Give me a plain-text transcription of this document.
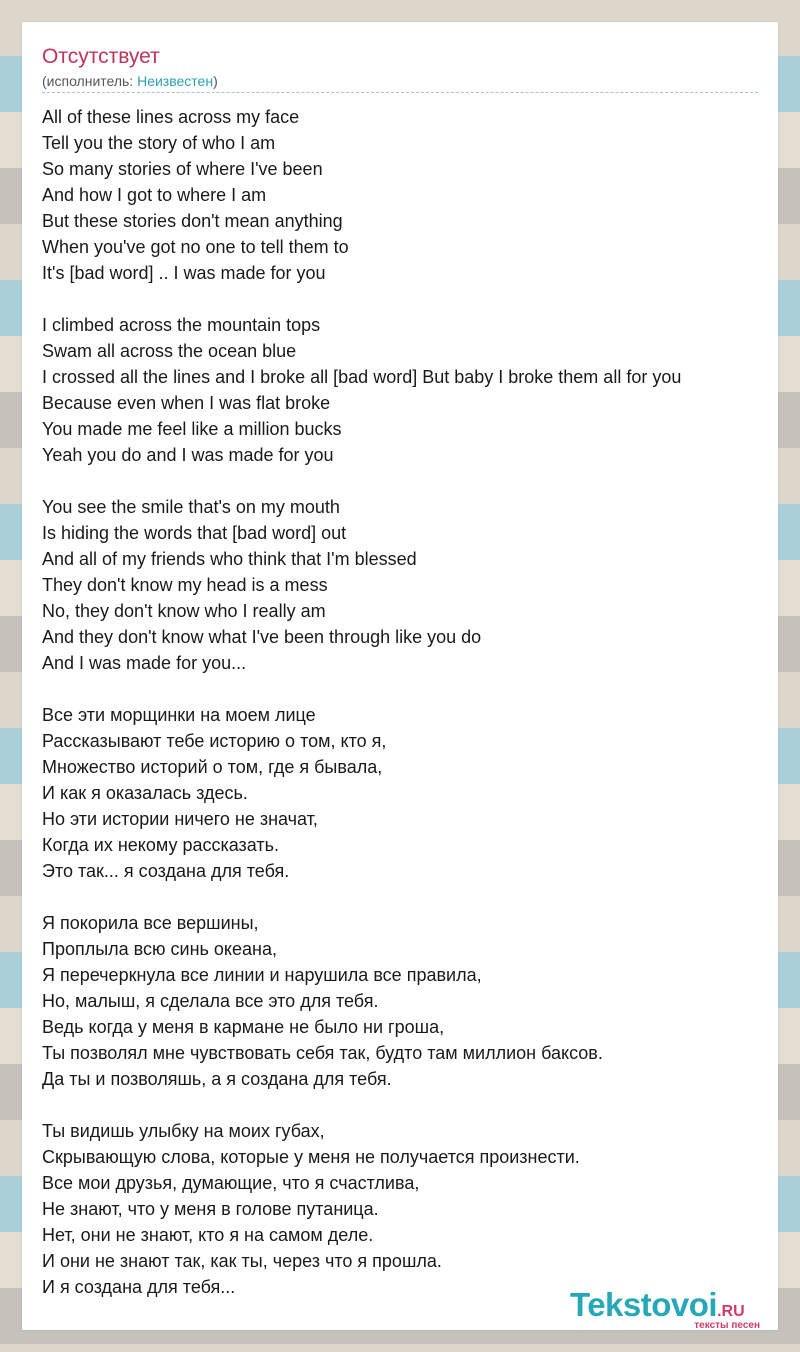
Отсутствует
(исполнитель: Неизвестен)
All of these lines across my face
Tell you the story of who I am
So many stories of where I've been
And how I got to where I am
But these stories don't mean anything
When you've got no one to tell them to
It's [bad word] .. I was made for you
I climbed across the mountain tops
Swam all across the ocean blue
I crossed all the lines and I broke all [bad word] But baby I broke them all for you
Because even when I was flat broke
You made me feel like a million bucks
Yeah you do and I was made for you
You see the smile that's on my mouth
Is hiding the words that [bad word] out
And all of my friends who think that I'm blessed
They don't know my head is a mess
No, they don't know who I really am
And they don't know what I've been through like you do
And I was made for you...
Все эти морщинки на моем лице
Рассказывают тебе историю о том, кто я,
Множество историй о том, где я бывала,
И как я оказалась здесь.
Но эти истории ничего не значат,
Когда их некому рассказать.
Это так... я создана для тебя.
Я покорила все вершины,
Проплыла всю синь океана,
Я перечеркнула все линии и нарушила все правила,
Но, малыш, я сделала все это для тебя.
Ведь когда у меня в кармане не было ни гроша,
Ты позволял мне чувствовать себя так, будто там миллион баксов.
Да ты и позволяшь, а я создана для тебя.
Ты видишь улыбку на моих губах,
Скрывающую слова, которые у меня не получается произнести.
Все мои друзья, думающие, что я счастлива,
Не знают, что у меня в голове путаница.
Нет, они не знают, кто я на самом деле.
И они не знают так, как ты, через что я прошла.
И я создана для тебя...	Tekstovoi.RU
тексты песен
